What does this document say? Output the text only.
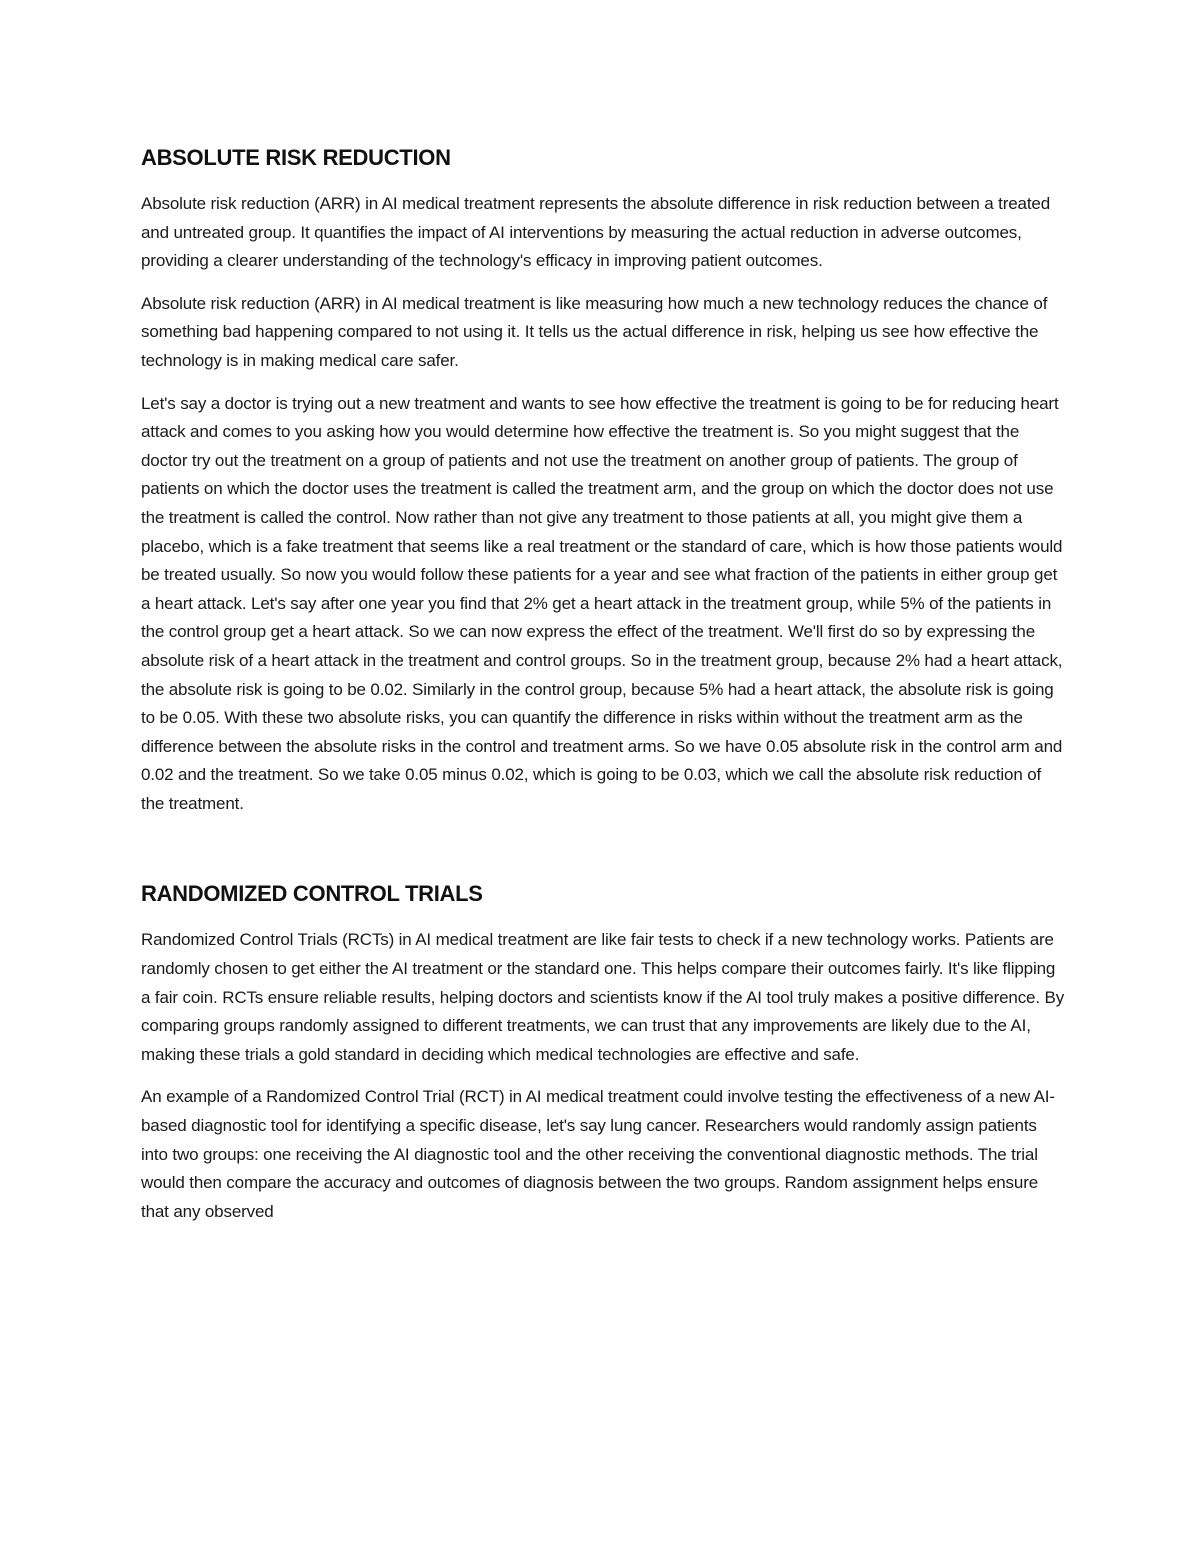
ABSOLUTE RISK REDUCTION

Absolute risk reduction (ARR) in AI medical treatment represents the absolute difference in risk reduction between a treated and untreated group. It quantifies the impact of AI interventions by measuring the actual reduction in adverse outcomes, providing a clearer understanding of the technology's efficacy in improving patient outcomes.

Absolute risk reduction (ARR) in AI medical treatment is like measuring how much a new technology reduces the chance of something bad happening compared to not using it. It tells us the actual difference in risk, helping us see how effective the technology is in making medical care safer.

Let's say a doctor is trying out a new treatment and wants to see how effective the treatment is going to be for reducing heart attack and comes to you asking how you would determine how effective the treatment is. So you might suggest that the doctor try out the treatment on a group of patients and not use the treatment on another group of patients. The group of patients on which the doctor uses the treatment is called the treatment arm, and the group on which the doctor does not use the treatment is called the control. Now rather than not give any treatment to those patients at all, you might give them a placebo, which is a fake treatment that seems like a real treatment or the standard of care, which is how those patients would be treated usually. So now you would follow these patients for a year and see what fraction of the patients in either group get a heart attack. Let's say after one year you find that 2% get a heart attack in the treatment group, while 5% of the patients in the control group get a heart attack. So we can now express the effect of the treatment. We'll first do so by expressing the absolute risk of a heart attack in the treatment and control groups. So in the treatment group, because 2% had a heart attack, the absolute risk is going to be 0.02. Similarly in the control group, because 5% had a heart attack, the absolute risk is going to be 0.05. With these two absolute risks, you can quantify the difference in risks within without the treatment arm as the difference between the absolute risks in the control and treatment arms. So we have 0.05 absolute risk in the control arm and 0.02 and the treatment. So we take 0.05 minus 0.02, which is going to be 0.03, which we call the absolute risk reduction of the treatment.

RANDOMIZED CONTROL TRIALS

Randomized Control Trials (RCTs) in AI medical treatment are like fair tests to check if a new technology works. Patients are randomly chosen to get either the AI treatment or the standard one. This helps compare their outcomes fairly. It's like flipping a fair coin. RCTs ensure reliable results, helping doctors and scientists know if the AI tool truly makes a positive difference. By comparing groups randomly assigned to different treatments, we can trust that any improvements are likely due to the AI, making these trials a gold standard in deciding which medical technologies are effective and safe.

An example of a Randomized Control Trial (RCT) in AI medical treatment could involve testing the effectiveness of a new AI-based diagnostic tool for identifying a specific disease, let's say lung cancer. Researchers would randomly assign patients into two groups: one receiving the AI diagnostic tool and the other receiving the conventional diagnostic methods. The trial would then compare the accuracy and outcomes of diagnosis between the two groups. Random assignment helps ensure that any observed
